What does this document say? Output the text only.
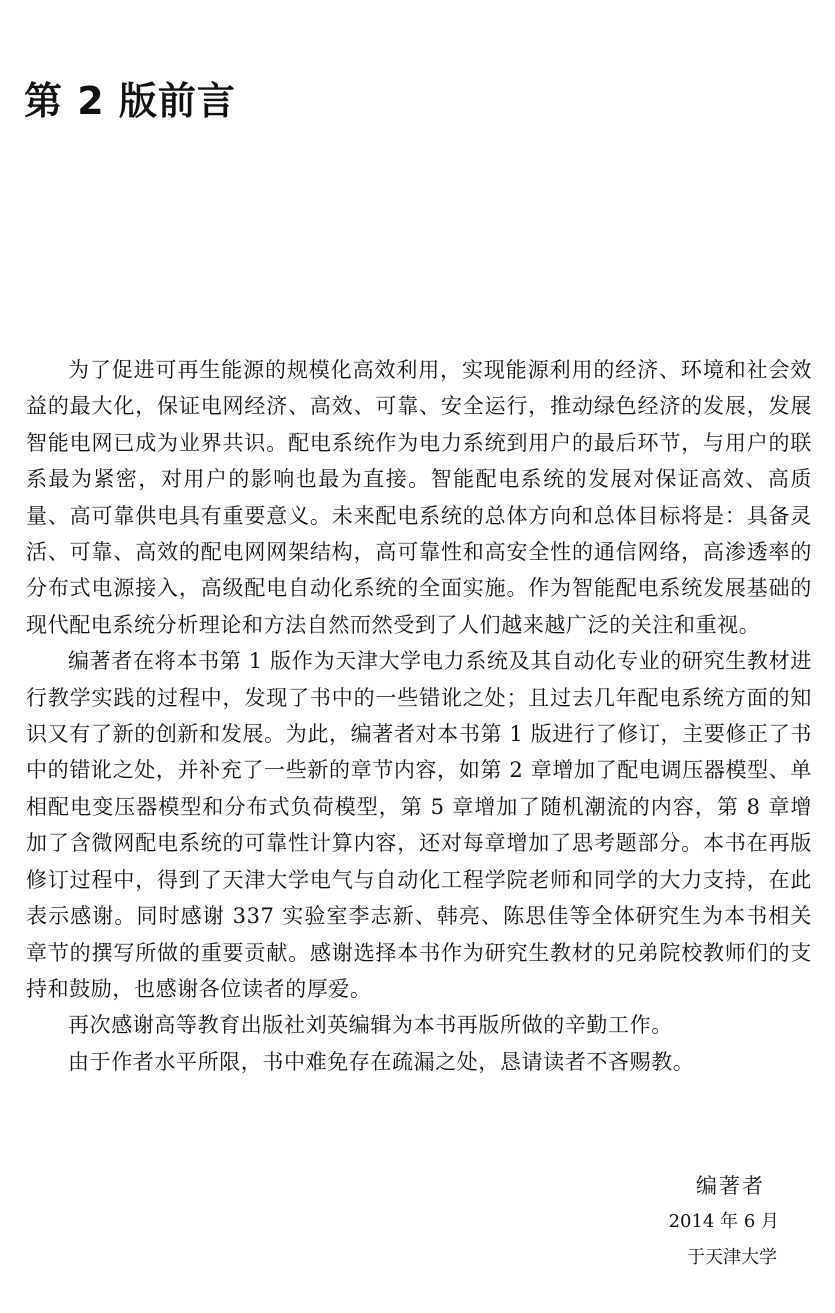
第 2 版前言

为了促进可再生能源的规模化高效利用，实现能源利用的经济、环境和社会效益的最大化，保证电网经济、高效、可靠、安全运行，推动绿色经济的发展，发展智能电网已成为业界共识。配电系统作为电力系统到用户的最后环节，与用户的联系最为紧密，对用户的影响也最为直接。智能配电系统的发展对保证高效、高质量、高可靠供电具有重要意义。未来配电系统的总体方向和总体目标将是：具备灵活、可靠、高效的配电网网架结构，高可靠性和高安全性的通信网络，高渗透率的分布式电源接入，高级配电自动化系统的全面实施。作为智能配电系统发展基础的现代配电系统分析理论和方法自然而然受到了人们越来越广泛的关注和重视。

编著者在将本书第 1 版作为天津大学电力系统及其自动化专业的研究生教材进行教学实践的过程中，发现了书中的一些错讹之处；且过去几年配电系统方面的知识又有了新的创新和发展。为此，编著者对本书第 1 版进行了修订，主要修正了书中的错讹之处，并补充了一些新的章节内容，如第 2 章增加了配电调压器模型、单相配电变压器模型和分布式负荷模型，第 5 章增加了随机潮流的内容，第 8 章增加了含微网配电系统的可靠性计算内容，还对每章增加了思考题部分。本书在再版修订过程中，得到了天津大学电气与自动化工程学院老师和同学的大力支持，在此表示感谢。同时感谢 337 实验室李志新、韩亮、陈思佳等全体研究生为本书相关章节的撰写所做的重要贡献。感谢选择本书作为研究生教材的兄弟院校教师们的支持和鼓励，也感谢各位读者的厚爱。

再次感谢高等教育出版社刘英编辑为本书再版所做的辛勤工作。

由于作者水平所限，书中难免存在疏漏之处，恳请读者不吝赐教。

编著者

2014 年 6 月

于天津大学
